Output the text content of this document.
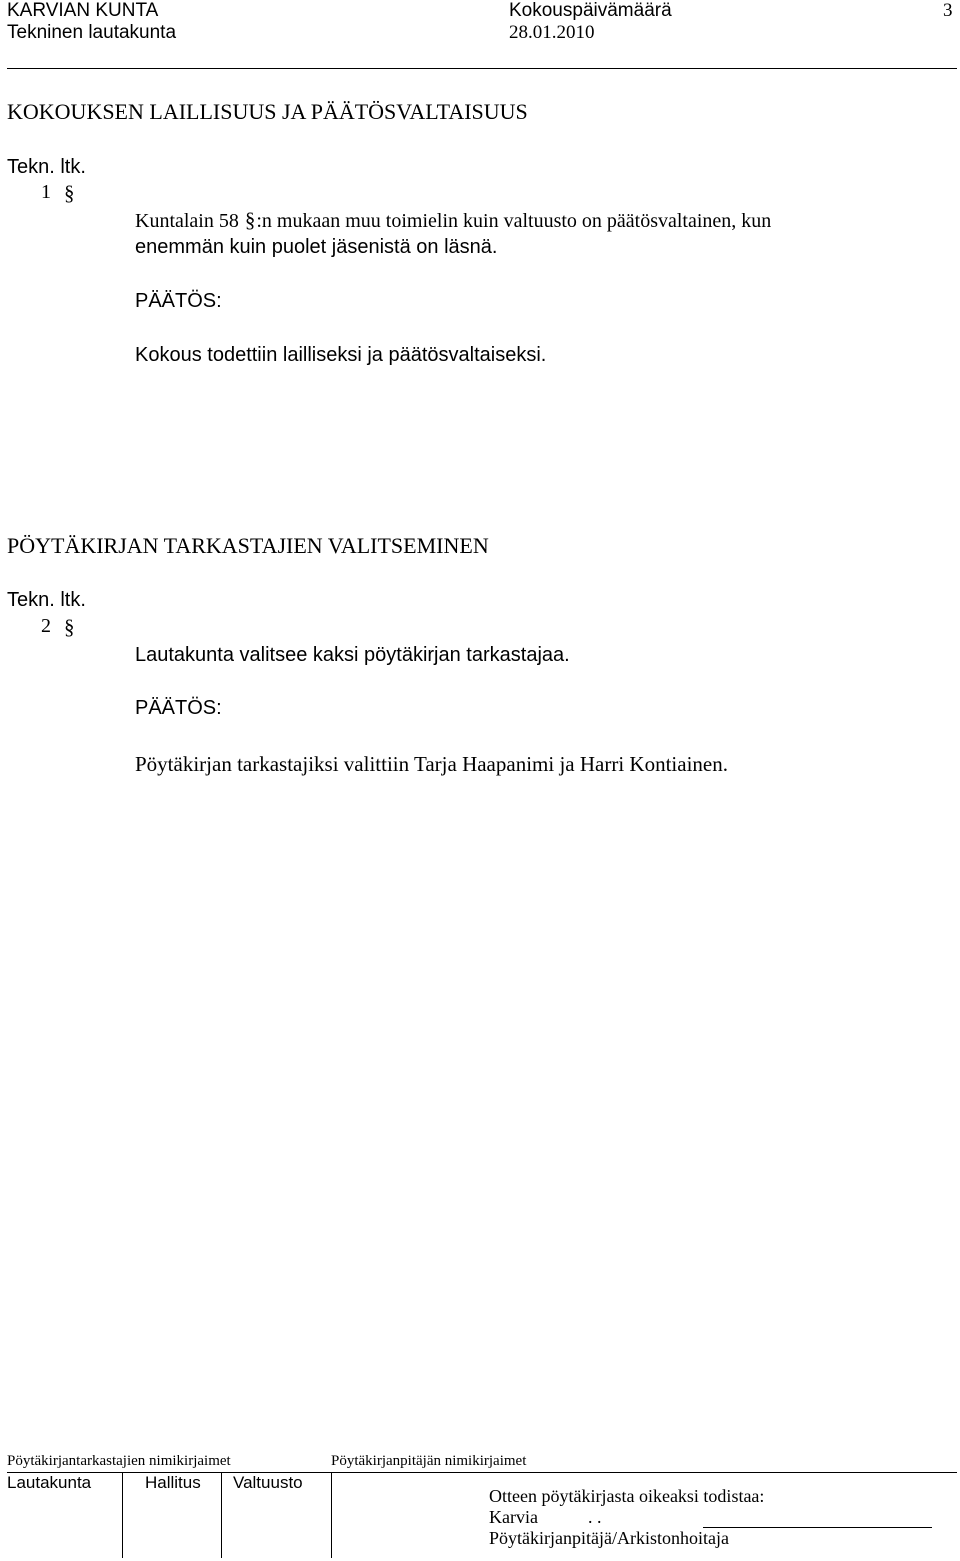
KARVIAN KUNTA
Tekninen lautakunta
Kokouspäivämäärä
28.01.2010
3
KOKOUKSEN LAILLISUUS JA PÄÄTÖSVALTAISUUS
Tekn. ltk.
1 §
Kuntalain 58 §:n mukaan muu toimielin kuin valtuusto on päätösvaltainen, kun
enemmän kuin puolet jäsenistä on läsnä.
PÄÄTÖS:
Kokous todettiin lailliseksi ja päätösvaltaiseksi.
PÖYTÄKIRJAN TARKASTAJIEN VALITSEMINEN
Tekn. ltk.
2 §
Lautakunta valitsee kaksi pöytäkirjan tarkastajaa.
PÄÄTÖS:
Pöytäkirjan tarkastajiksi valittiin Tarja Haapanimi ja Harri Kontiainen.
Pöytäkirjantarkastajien nimikirjaimet	Pöytäkirjanpitäjän nimikirjaimet
Lautakunta	Hallitus Valtuusto
Otteen pöytäkirjasta oikeaksi todistaa:
Karvia	. .
Pöytäkirjanpitäjä/Arkistonhoitaja
